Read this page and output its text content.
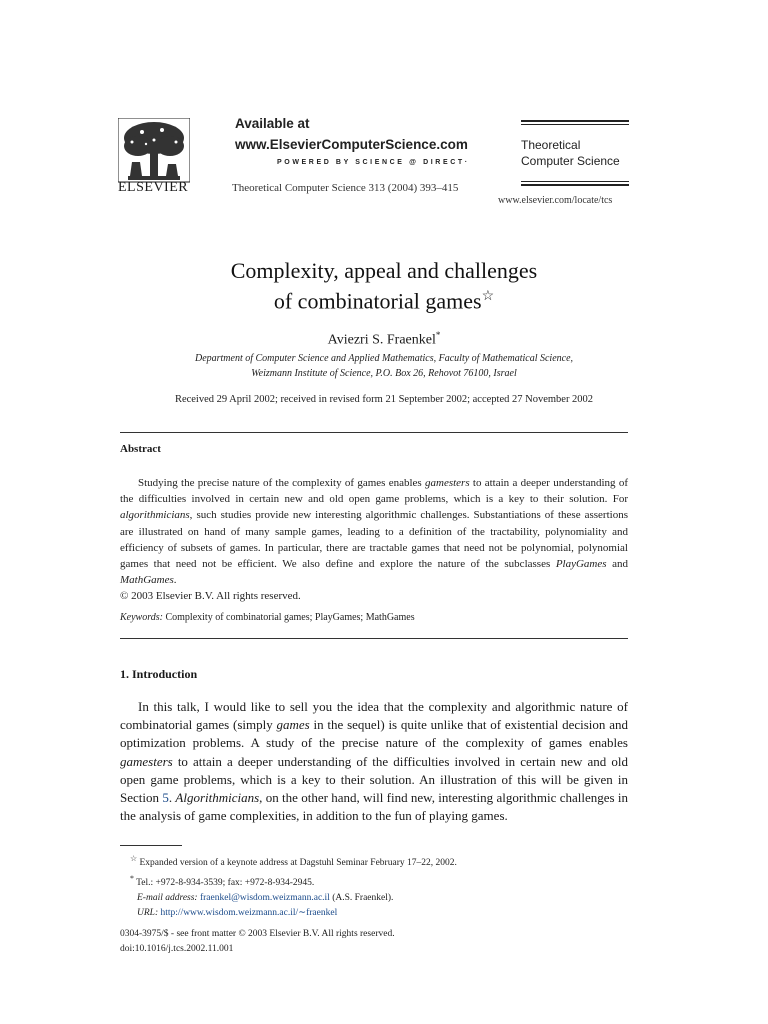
ELSEVIER
Available at
www.ElsevierComputerScience.com
POWERED BY SCIENCE @ DIRECT·
Theoretical Computer Science 313 (2004) 393–415
Theoretical
Computer Science
www.elsevier.com/locate/tcs
Complexity, appeal and challenges
of combinatorial games☆
Aviezri S. Fraenkel*
Department of Computer Science and Applied Mathematics, Faculty of Mathematical Science,
Weizmann Institute of Science, P.O. Box 26, Rehovot 76100, Israel
Received 29 April 2002; received in revised form 21 September 2002; accepted 27 November 2002
Abstract
Studying the precise nature of the complexity of games enables gamesters to attain a deeper understanding of the difficulties involved in certain new and old open game problems, which is a key to their solution. For algorithmicians, such studies provide new interesting algorithmic challenges. Substantiations of these assertions are illustrated on hand of many sample games, leading to a definition of the tractability, polynomiality and efficiency of subsets of games. In particular, there are tractable games that need not be polynomial, polynomial games that need not be efficient. We also define and explore the nature of the subclasses PlayGames and MathGames.
© 2003 Elsevier B.V. All rights reserved.
Keywords: Complexity of combinatorial games; PlayGames; MathGames
1. Introduction
In this talk, I would like to sell you the idea that the complexity and algorithmic nature of combinatorial games (simply games in the sequel) is quite unlike that of existential decision and optimization problems. A study of the precise nature of the complexity of games enables gamesters to attain a deeper understanding of the difficulties involved in certain new and old open game problems, which is a key to their solution. An illustration of this will be given in Section 5. Algorithmicians, on the other hand, will find new, interesting algorithmic challenges in the analysis of game complexities, in addition to the fun of playing games.
☆ Expanded version of a keynote address at Dagstuhl Seminar February 17–22, 2002.
* Tel.: +972-8-934-3539; fax: +972-8-934-2945.
E-mail address: fraenkel@wisdom.weizmann.ac.il (A.S. Fraenkel).
URL: http://www.wisdom.weizmann.ac.il/∼fraenkel
0304-3975/$ - see front matter © 2003 Elsevier B.V. All rights reserved.
doi:10.1016/j.tcs.2002.11.001
